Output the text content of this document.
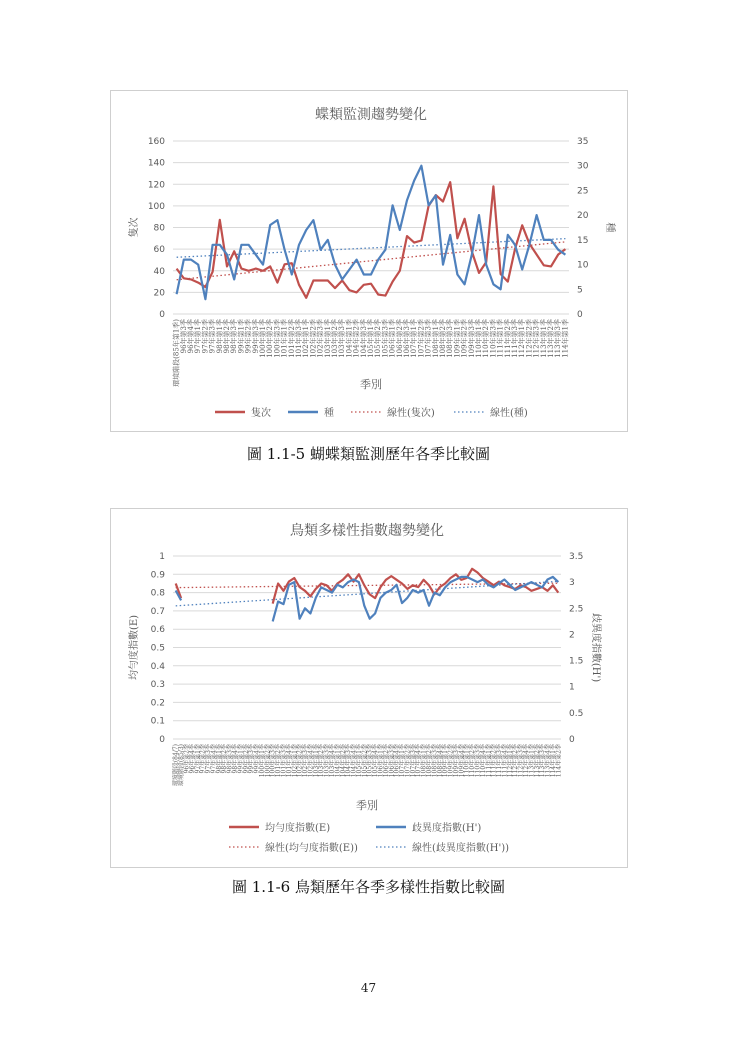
蝶類監測趨勢變化
0
20
40
60
80
100
120
140
160
0
5
10
15
20
25
30
35
環境階段(85年第1季) 96年第3季 96年第4季 97年第1季 97年第2季 97年第3季 98年第1季 98年第2季 98年第3季 99年第1季 99年第2季 99年第3季 100年第1季 100年第2季 100年第3季 101年第1季 101年第2季 101年第3季 102年第1季 102年第2季 102年第3季 103年第1季 103年第2季 103年第3季 104年第1季 104年第2季 104年第3季 105年第1季 105年第2季 105年第3季 106年第1季 106年第2季 106年第3季 107年第1季 107年第2季 107年第3季 108年第1季 108年第2季 108年第3季 109年第1季 109年第2季 109年第3季 110年第1季 110年第2季 110年第3季 111年第1季 111年第2季 111年第3季 112年第1季 112年第2季 112年第3季 113年第1季 113年第2季 113年第3季 114年第1季
隻次	種
季別
隻次	種	線性(隻次)	線性(種)
圖 1.1-5 蝴蝶類監測歷年各季比較圖
鳥類多樣性指數趨勢變化
0
0.1
0.2
0.3
0.4
0.5
0.6
0.7
0.8
0.9
1
0
0.5
1
1.5
2
2.5
3
3.5
環境階段(84/7)
環境階段(85/3)
96年第2季
96年第4季
97年第1季
97年第2季
97年第3季
97年第4季
98年第1季
98年第2季
98年第3季
98年第4季
99年第1季
99年第2季
99年第3季
99年第4季
100年第1季
100年第2季
100年第3季
101年第2季
101年第3季
101年第4季
102年第1季
102年第2季
102年第3季
102年第4季
103年第1季
103年第2季
103年第3季
103年第4季
104年第1季
104年第2季
104年第3季
104年第4季
105年第1季
105年第2季
105年第3季
105年第4季
106年第1季
106年第2季
106年第3季
106年第4季
107年第1季
107年第2季
107年第3季
107年第4季
108年第1季
108年第2季
108年第3季
108年第4季
109年第1季
109年第2季
109年第3季
109年第4季
110年第1季
110年第2季
110年第3季
110年第4季
111年第1季
111年第2季
111年第3季
111年第4季
112年第1季
112年第2季
112年第3季
112年第4季
113年第1季
113年第2季
113年第3季
113年第4季
114年第1季
114年第2季
均勻度指數(E)	歧異度指數(H')
季別
均勻度指數(E)	歧異度指數(H')
線性(均勻度指數(E))	線性(歧異度指數(H'))
圖 1.1-6 鳥類歷年各季多樣性指數比較圖
47
